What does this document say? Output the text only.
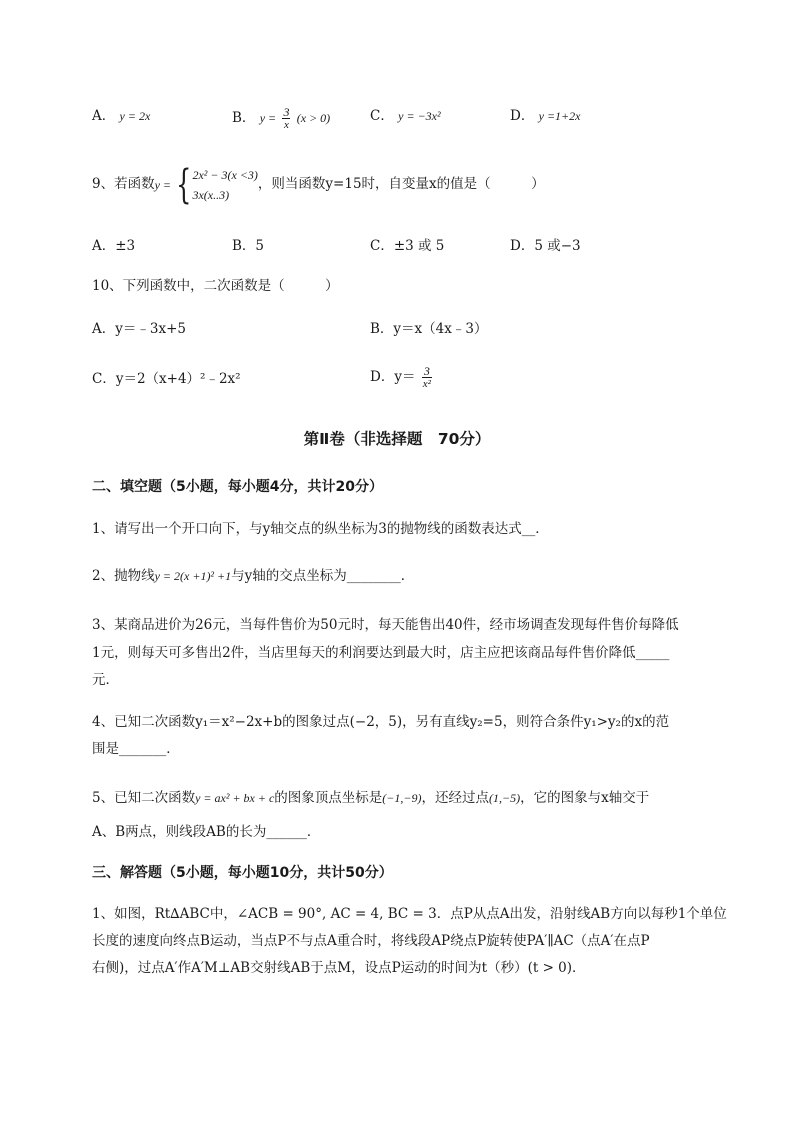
A． y = 2x	B． $y = \frac{3}{x} (x > 0)$	C． y = −3x²	D． y =1+2x
9、若函数 y = { 2x² − 3(x <3)
3x(x..3)
，则当函数y=15时，自变量x的值是（　　　）
A．±3	B．5	C．±3 或 5	D．5 或−3
10、下列函数中，二次函数是（　　　）
A．y＝﹣3x+5	B．y＝x（4x﹣3）
C．y＝2（x+4）²﹣2x²	D．$y= \frac{3}{\text{x²}}$
第Ⅱ卷（非选择题　70分）
二、填空题（5小题，每小题4分，共计20分）
1、请写出一个开口向下，与y轴交点的纵坐标为3的抛物线的函数表达式__．
2、抛物线y = 2(x +1)² +1与y轴的交点坐标为________．
3、某商品进价为26元，当每件售价为50元时，每天能售出40件，经市场调查发现每件售价每降低
1元，则每天可多售出2件，当店里每天的利润要达到最大时，店主应把该商品每件售价降低_____
元．
4、已知二次函数y₁＝x²−2x+b的图象过点(−2，5)，另有直线y₂=5，则符合条件y₁>y₂的x的范
围是_______．
5、已知二次函数y = ax² + bx + c的图象顶点坐标是(−1,−9)，还经过点(1,−5)，它的图象与x轴交于
A、B两点，则线段AB的长为______．
三、解答题（5小题，每小题10分，共计50分）
1、如图，Rt∆ABC中，∠ACB = 90°, AC = 4, BC = 3．点P从点A出发，沿射线AB方向以每秒1个单位
长度的速度向终点B运动，当点P不与点A重合时，将线段AP绕点P旋转使PA′∥AC（点A′在点P
右侧)，过点A′作A′M⊥AB交射线AB于点M，设点P运动的时间为t（秒）(t > 0)．
